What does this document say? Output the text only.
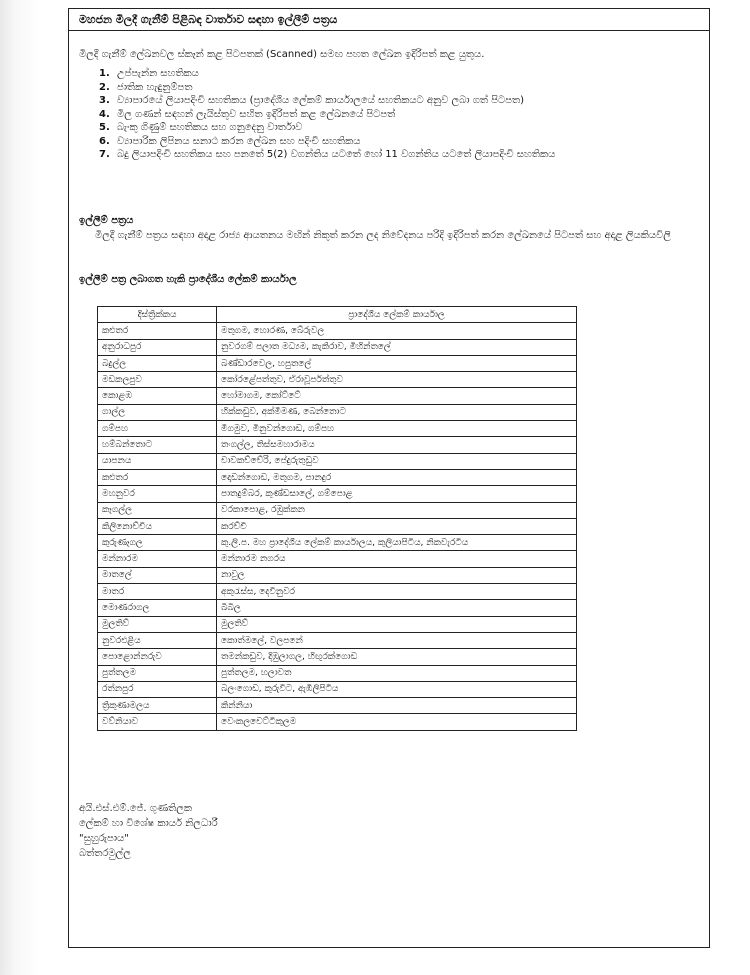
මහජන මිලදී ගැනීම් පිළිබඳ වාර්තාව සඳහා ඉල්ලීම් පත්‍රය
මිලදී ගැනීම් ලේඛනවල ස්කෑන් කළ පිටපතක් (Scanned) සමඟ පහත ලේඛන ඉදිරිපත් කළ යුතුය.
1. උප්පැන්න සහතිකය
2. ජාතික හැඳුනුම්පත
3. ව්‍යාපාරයේ ලියාපදිංචි සහතිකය (ප්‍රාදේශීය ලේකම් කාර්යාලයේ සහතිකයට අනුව ලබා ගත් පිටපත)
4. මිල ගණන් සඳහන් ලැයිස්තුව සහිත ඉදිරිපත් කළ ලේඛනයේ පිටපත්
5. බැංකු ගිණුම් සහතිකය සහ ගනුදෙනු වාර්තාව
6. ව්‍යාපාරික ලිපිනය සනාථ කරන ලේඛන සහ පදිංචි සහතිකය
7. බදු ලියාපදිංචි සහතිකය සහ පනතේ 5(2) වගන්තිය යටතේ හෝ 11 වගන්තිය යටතේ ලියාපදිංචි සහතිකය
ඉල්ලීම් පත්‍රය
මිලදී ගැනීම් පත්‍රය සඳහා අදාළ රාජ්‍ය ආයතනය මඟින් නිකුත් කරන ලද නිවේදනය පරිදි ඉදිරිපත් කරන ලේඛනයේ පිටපත් සහ අදාළ ලියකියවිලි
ඉල්ලීම් පත්‍ර ලබාගත හැකි ප්‍රාදේශීය ලේකම් කාර්යාල
දිස්ත්‍රික්කය	ප්‍රාදේශීය ලේකම් කාර්යාල
කළුතර	මතුගම, හොරණ, බේරුවල
අනුරාධපුර	නුවරගම් පලාත මධ්‍යම, කැකිරාව, මිහින්තලේ
බදුල්ල	බණ්ඩාරවෙල, හපුතලේ
මඩකලපුව	කෝරළේපත්තුව, ඒරාවූර්පත්තුව
කොළඹ	හෝමාගම, කෝට්ටේ
ගාල්ල	හික්කඩුව, අක්මීමණ, බෙන්තොට
ගම්පහ	මීගමුව, මිනුවන්ගොඩ, ගම්පහ
හම්බන්තොට	තංගල්ල, තිස්සමහාරාමය
යාපනය	චාවකච්චේරි, පේදුරුතුඩුව
කළුතර	දොඩන්ගොඩ, මතුගම, පානදුර
මහනුවර	පාතදුම්බර, කුණ්ඩසාලේ, ගම්පොළ
කෑගල්ල	වරකාපොළ, රඹුක්කන
කිලිනොච්චිය	කරච්චි
කුරුණෑගල	කු.ලි.ප. මහ ප්‍රාදේශීය ලේකම් කාර්යාලය, කුලියාපිටිය, නිකවැරටිය
මන්නාරම	මන්නාරම නගරය
මාතලේ	නාවුල
මාතර	අකුරැස්ස, දෙවිනුවර
මොණරාගල	බිබිල
මුලතිව්	මුලතිව්
නුවරඑළිය	කොත්මලේ, වලපනේ
පොළොන්නරුව	තමන්කඩුව, දිඹුලාගල, හිඟුරක්ගොඩ
පුත්තලම	පුත්තලම, හලාවත
රත්නපුර	බලංගොඩ, කුරුවිට, ඇඹිලිපිටිය
ත්‍රිකුණාමලය	කින්නියා
වව්නියාව	වෙංකලචෙට්ටිකුලම
අයි.එස්.එම්.ජේ. ගුණතිලක
ලේකම් හා විශේෂ කාර්ය නිලධාරී
"සුහුරුපාය"
බත්තරමුල්ල
